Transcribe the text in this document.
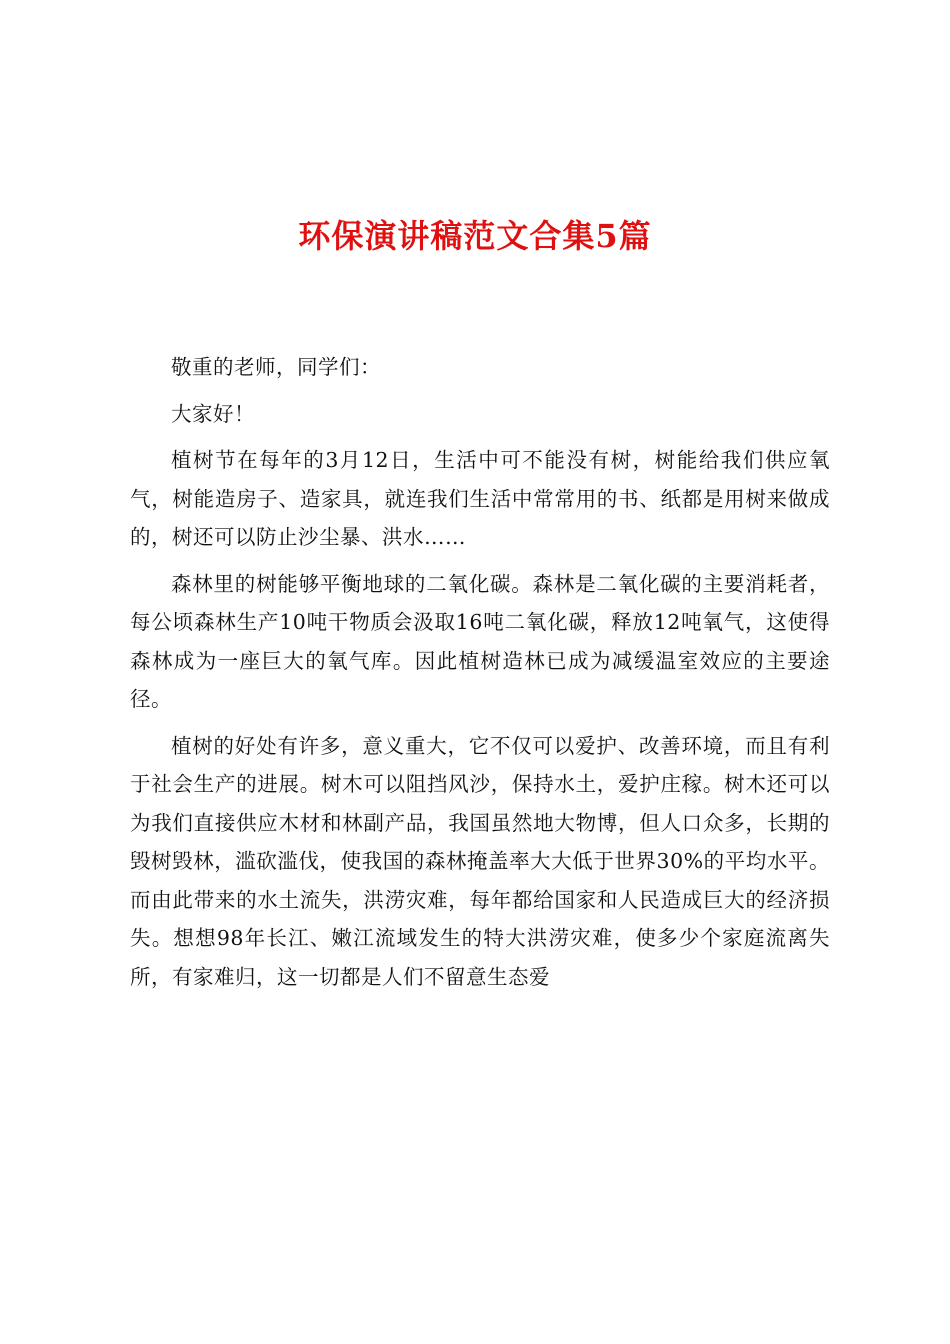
环保演讲稿范文合集5篇

敬重的老师，同学们：

大家好！

植树节在每年的3月12日，生活中可不能没有树，树能给我们供应氧气，树能造房子、造家具，就连我们生活中常常用的书、纸都是用树来做成的，树还可以防止沙尘暴、洪水……

森林里的树能够平衡地球的二氧化碳。森林是二氧化碳的主要消耗者，每公顷森林生产10吨干物质会汲取16吨二氧化碳，释放12吨氧气，这使得森林成为一座巨大的氧气库。因此植树造林已成为减缓温室效应的主要途径。

植树的好处有许多，意义重大，它不仅可以爱护、改善环境，而且有利于社会生产的进展。树木可以阻挡风沙，保持水土，爱护庄稼。树木还可以为我们直接供应木材和林副产品，我国虽然地大物博，但人口众多，长期的毁树毁林，滥砍滥伐，使我国的森林掩盖率大大低于世界30%的平均水平。而由此带来的水土流失，洪涝灾难，每年都给国家和人民造成巨大的经济损失。想想98年长江、嫩江流域发生的特大洪涝灾难，使多少个家庭流离失所，有家难归，这一切都是人们不留意生态爱
